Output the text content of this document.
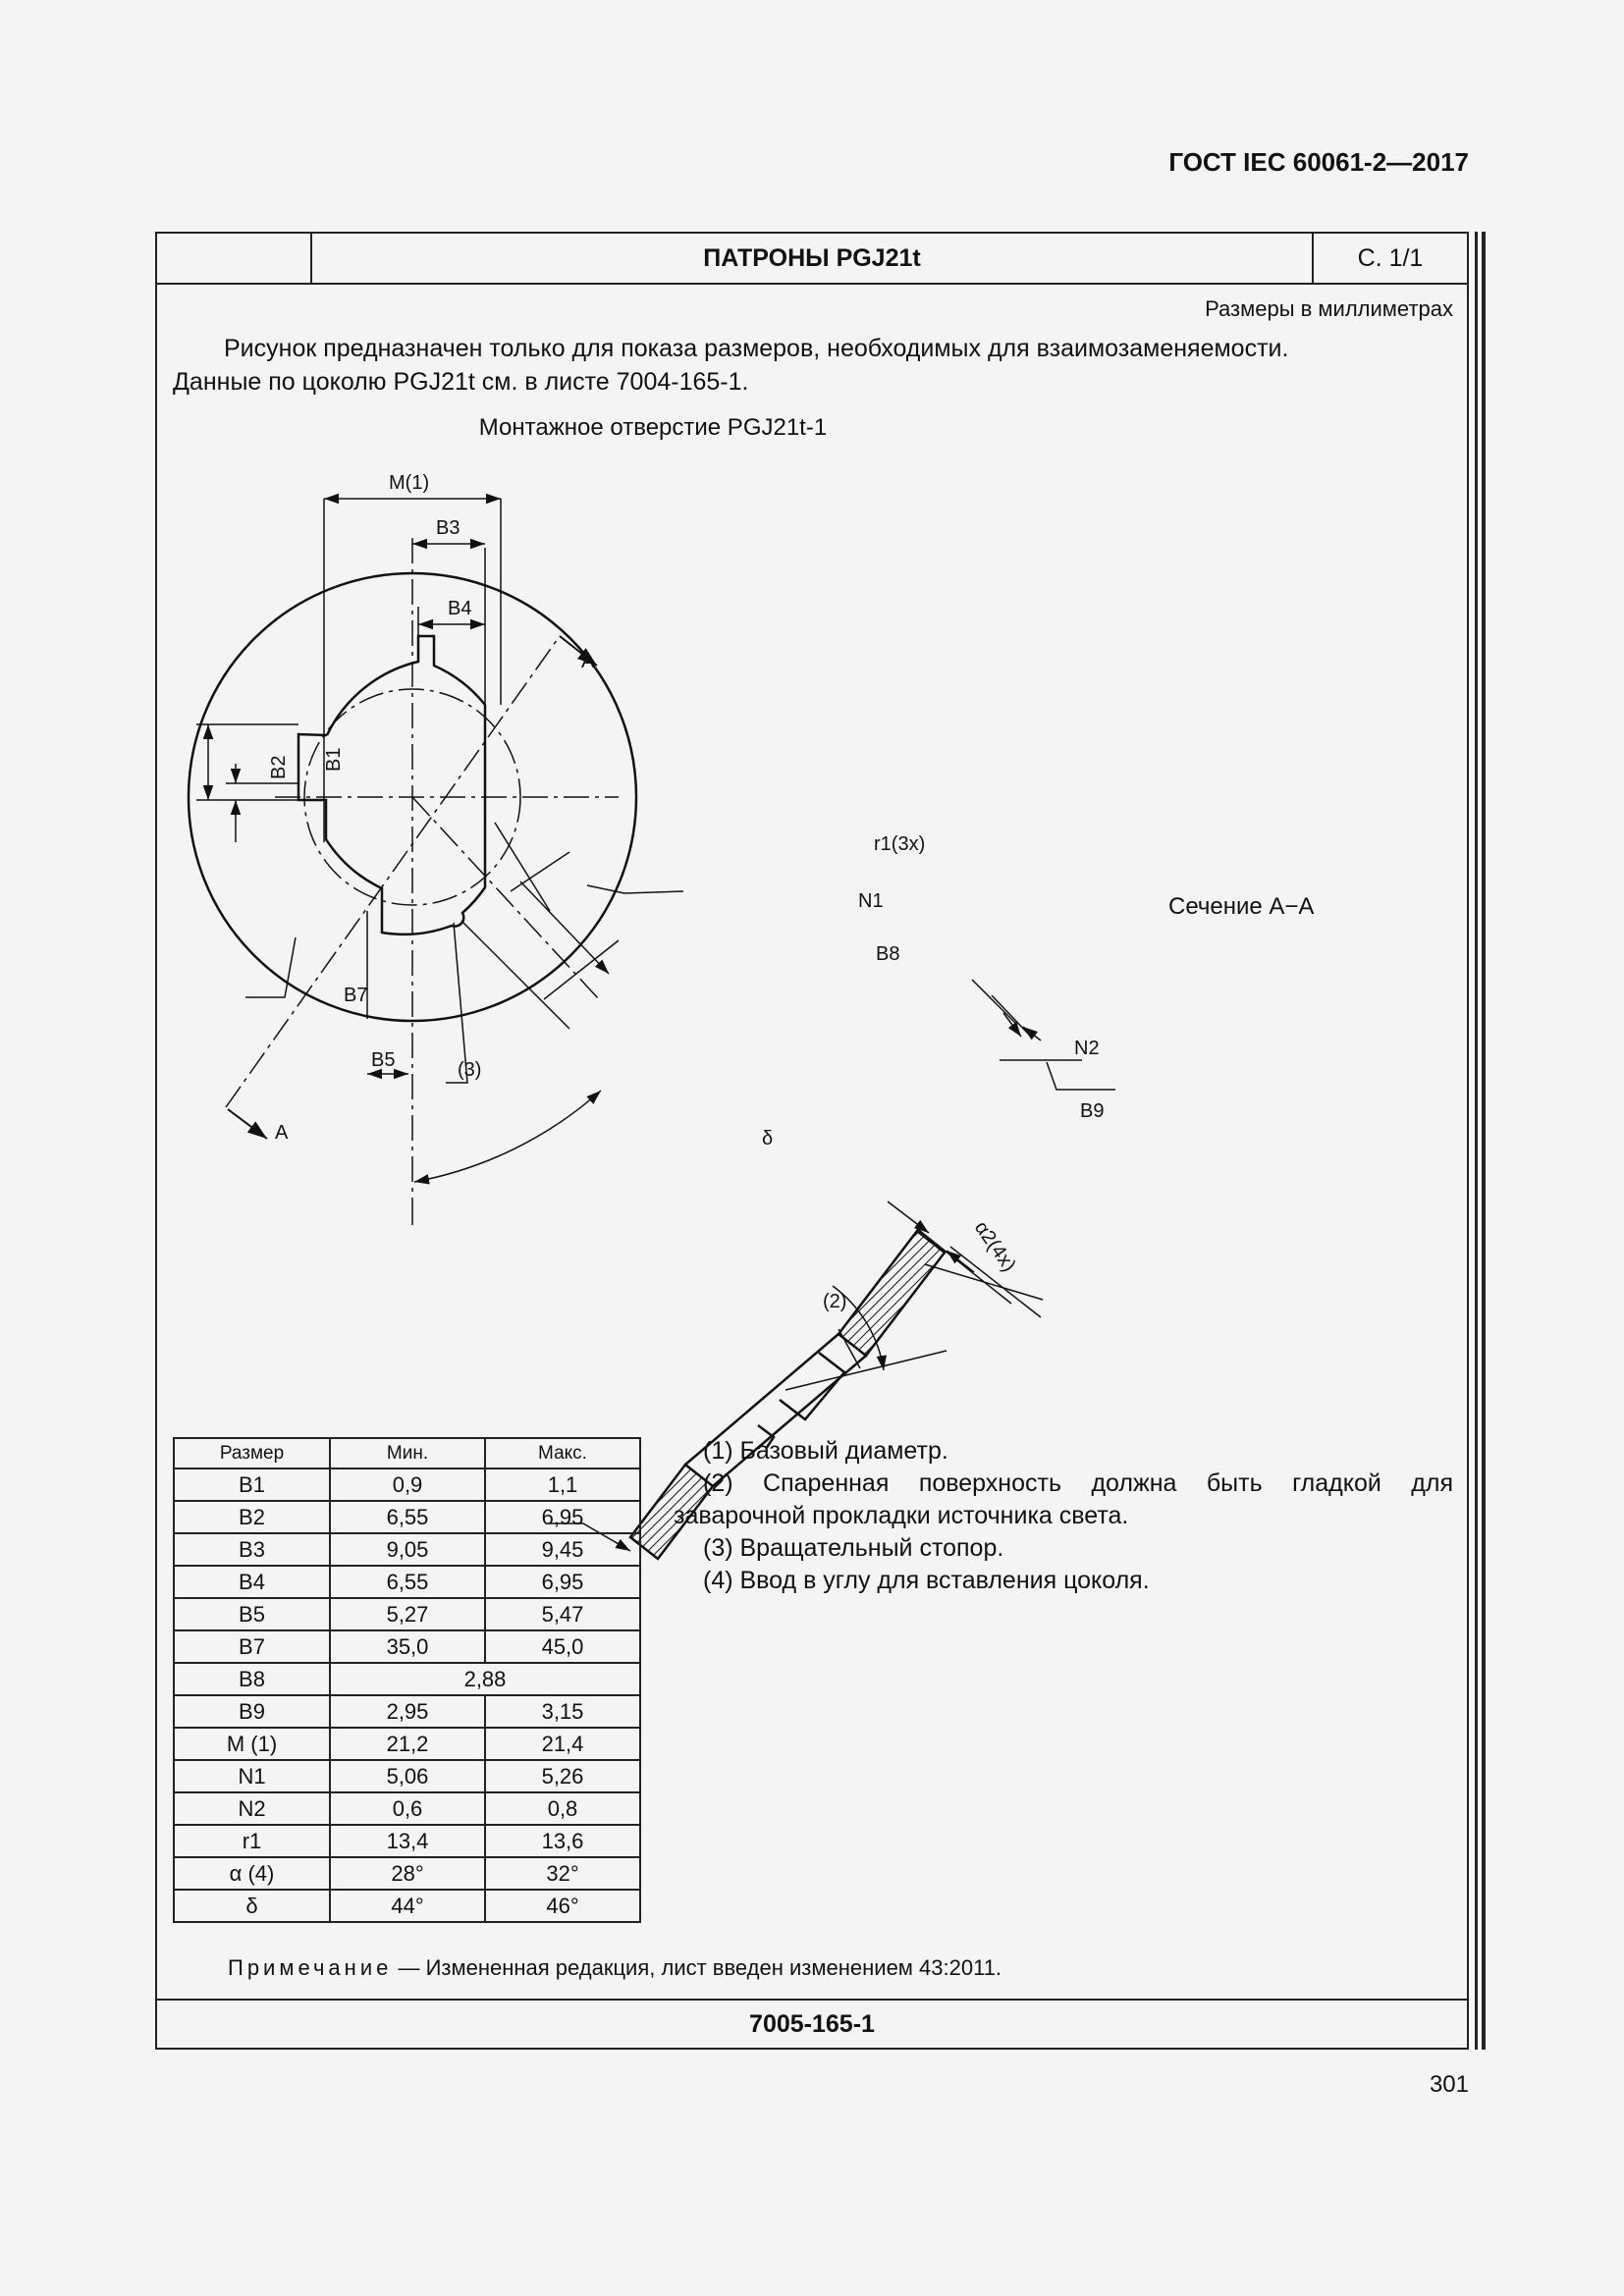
ГОСТ IEC 60061-2—2017
ПАТРОНЫ PGJ21t	С. 1/1
Размеры в миллиметрах
Рисунок предназначен только для показа размеров, необходимых для взаимозаменяемости.
Данные по цоколю PGJ21t см. в листе 7004-165-1.
Монтажное отверстие PGJ21t-1
Сечение А−А
M(1)
B3
B4
A
A
B2 B1
r1(3x)
N1
B8
B7
B5	(3)
δ
N2
B9
α2(4x)
(2)
Размер	Мин.	Макс.
B1	0,9	1,1
B2	6,55	6,95
B3	9,05	9,45
B4	6,55	6,95
B5	5,27	5,47
B7	35,0	45,0
B8	2,88	
B9	2,95	3,15
M (1)	21,2	21,4
N1	5,06	5,26
N2	0,6	0,8
r1	13,4	13,6
α (4)	28°	32°
δ	44°	46°

(1) Базовый диаметр.

(2) Спаренная поверхность должна быть гладкой для заварочной прокладки источника света.

(3) Вращательный стопор.

(4) Ввод в углу для вставления цоколя.

Примечание — Измененная редакция, лист введен изменением 43:2011.
7005-165-1
301
